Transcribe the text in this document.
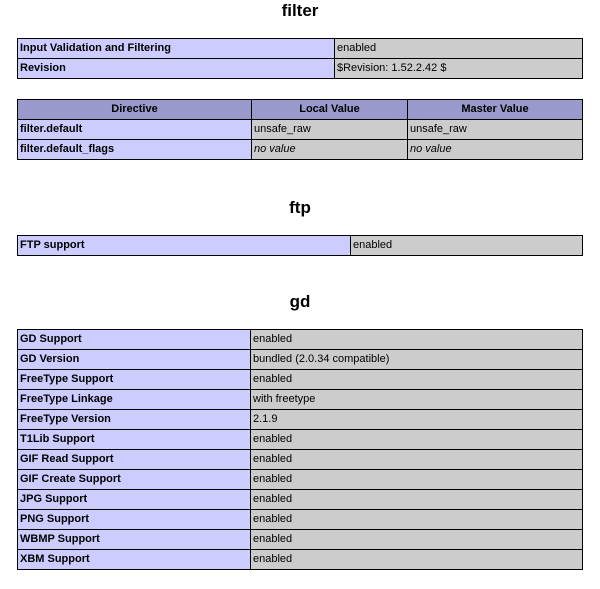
filter
Input Validation and Filtering	enabled
Revision	$Revision: 1.52.2.42 $
Directive	Local Value	Master Value
filter.default	unsafe_raw	unsafe_raw
filter.default_flags	no value	no value
ftp
FTP support	enabled
gd
GD Support	enabled
GD Version	bundled (2.0.34 compatible)
FreeType Support	enabled
FreeType Linkage	with freetype
FreeType Version	2.1.9
T1Lib Support	enabled
GIF Read Support	enabled
GIF Create Support	enabled
JPG Support	enabled
PNG Support	enabled
WBMP Support	enabled
XBM Support	enabled
